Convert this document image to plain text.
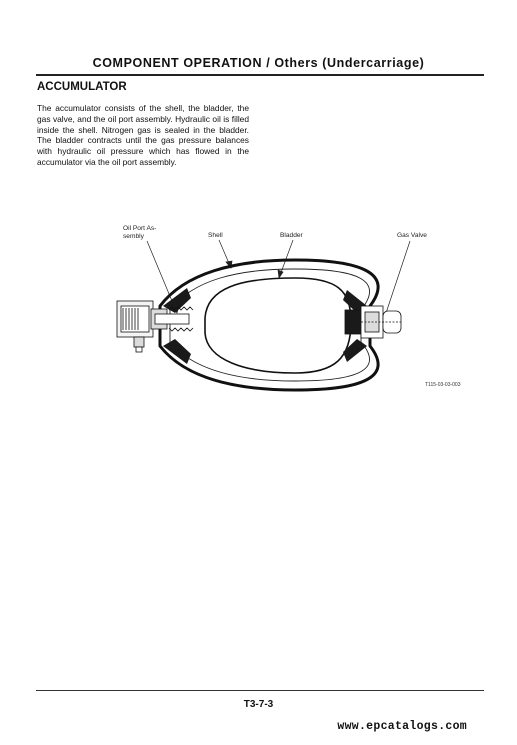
COMPONENT OPERATION / Others (Undercarriage)
ACCUMULATOR

The accumulator consists of the shell, the bladder, the gas valve, and the oil port assembly. Hydraulic oil is filled inside the shell. Nitrogen gas is sealed in the bladder. The bladder contracts until the gas pressure balances with hydraulic oil pressure which has flowed in the accumulator via the oil port assembly.

Oil Port As-
sembly	Shell	Bladder	Gas Valve
T115-03-03-003
T3-7-3
www.epcatalogs.com
